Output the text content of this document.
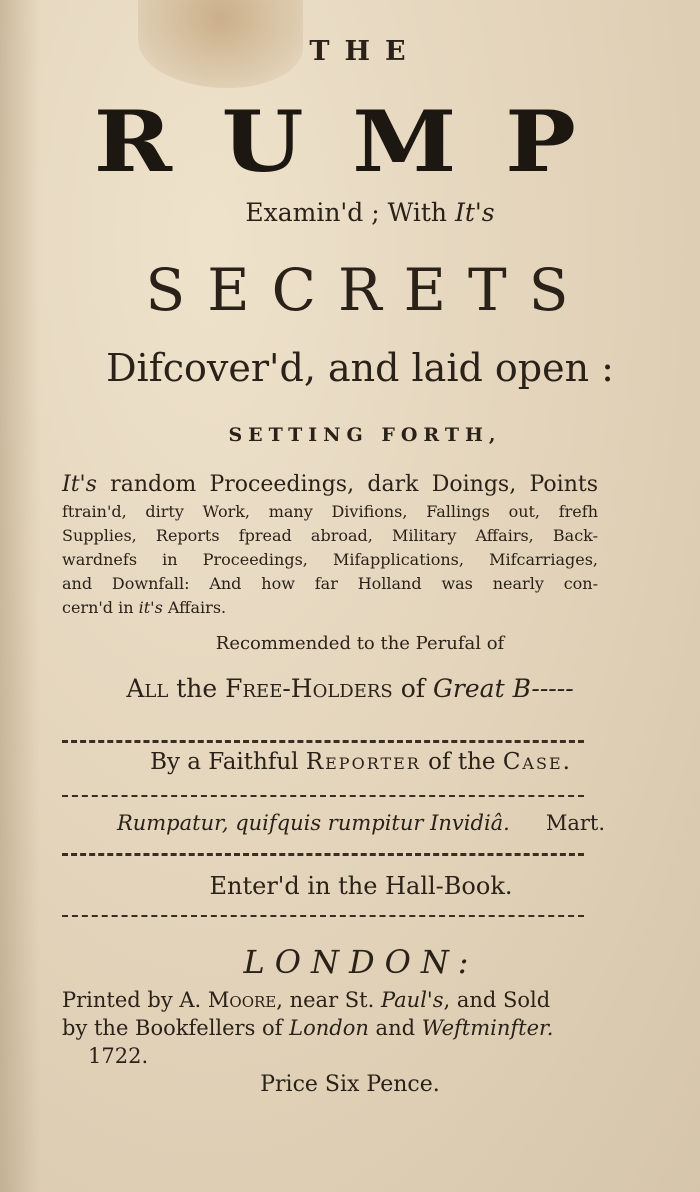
THE
R U M P
Examin'd ; With It's
SECRETS
Difcover'd, and laid open :
SETTING FORTH,
It's random Proceedings, dark Doings, Points
ftrain'd, dirty Work, many Divifions, Fallings out, frefh
Supplies, Reports fpread abroad, Military Affairs, Back-
wardnefs in Proceedings, Mifapplications, Mifcarriages,
and Downfall: And how far Holland was nearly con-
cern'd in it's Affairs.
Recommended to the Perufal of
All the Free-Holders of Great B-----
By a Faithful Reporter of the Case.
Rumpatur, quifquis rumpitur Invidiâ. Mart.
Enter'd in the Hall-Book.
LONDON:
Printed by A. Moore, near St. Paul's, and Sold
by the Bookfellers of London and Weftminfter.
1722.
Price Six Pence.
